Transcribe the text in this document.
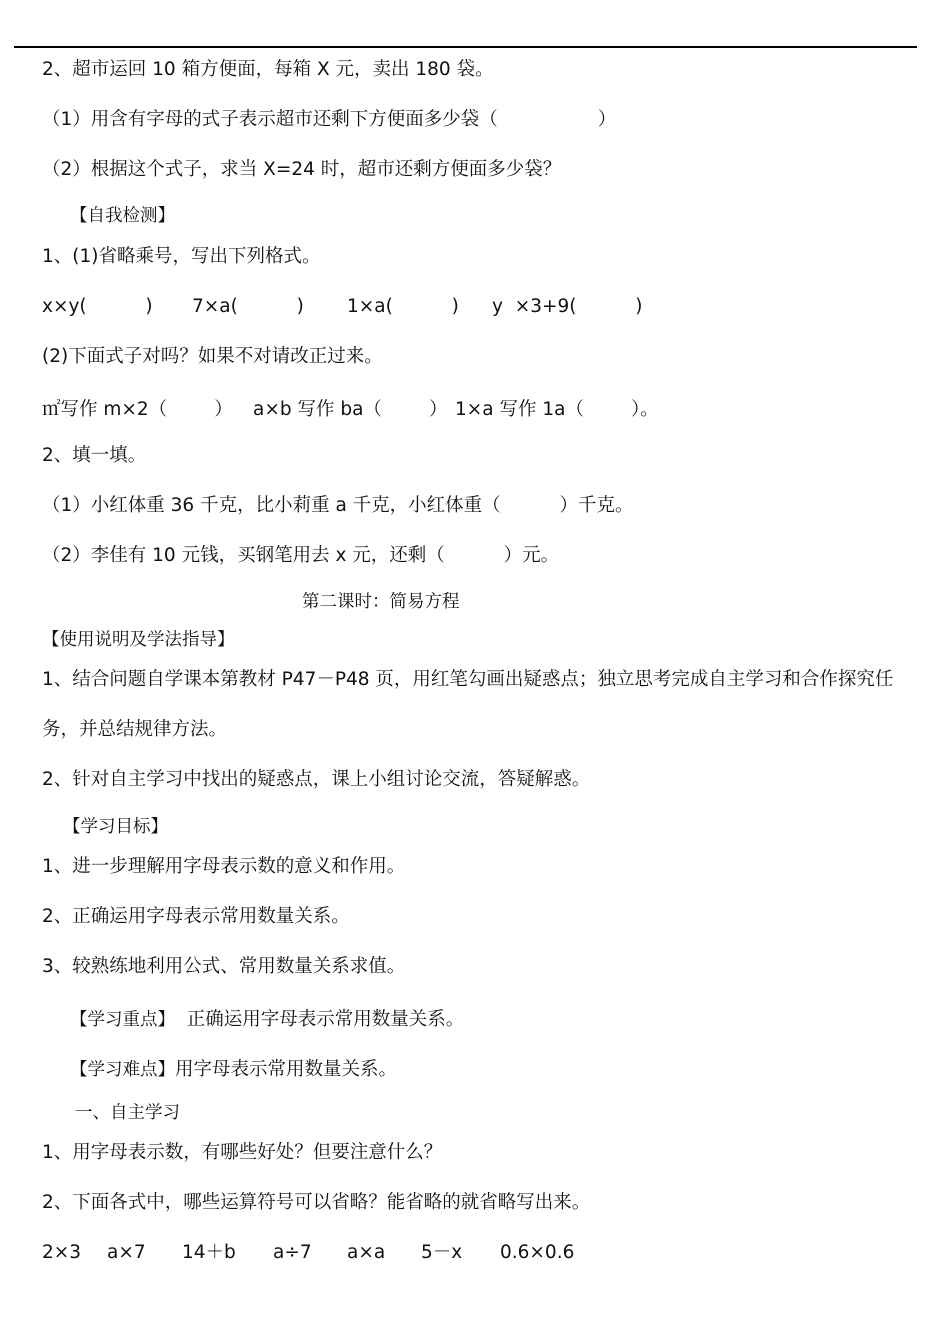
2、超市运回 10 箱方便面，每箱 X 元，卖出 180 袋。
（1）用含有字母的式子表示超市还剩下方便面多少袋（                 ）
（2）根据这个式子，求当 X=24 时，超市还剩方便面多少袋？
【自我检测】
1、(1)省略乘号，写出下列格式。
x×y(          ) 7×a(          ) 1×a(          ) y  ×3+9(          )
(2)下面式子对吗？如果不对请改正过来。
㎡写作 m×2（        ） a×b 写作 ba（        ） 1×a 写作 1a（        ）。
2、填一填。
（1）小红体重 36 千克，比小莉重 a 千克，小红体重（          ）千克。
（2）李佳有 10 元钱，买钢笔用去 x 元，还剩（          ）元。
第二课时：简易方程
【使用说明及学法指导】
1、结合问题自学课本第教材 P47－P48 页，用红笔勾画出疑惑点；独立思考完成自主学习和合作探究任
务，并总结规律方法。
2、针对自主学习中找出的疑惑点，课上小组讨论交流，答疑解惑。
【学习目标】
1、进一步理解用字母表示数的意义和作用。
2、正确运用字母表示常用数量关系。
3、较熟练地利用公式、常用数量关系求值。
【学习重点】  正确运用字母表示常用数量关系。
【学习难点】用字母表示常用数量关系。
一、自主学习
1、用字母表示数，有哪些好处？但要注意什么？
2、下面各式中，哪些运算符号可以省略？能省略的就省略写出来。
2×3 a×7 14＋b a÷7 a×a 5－x 0.6×0.6
